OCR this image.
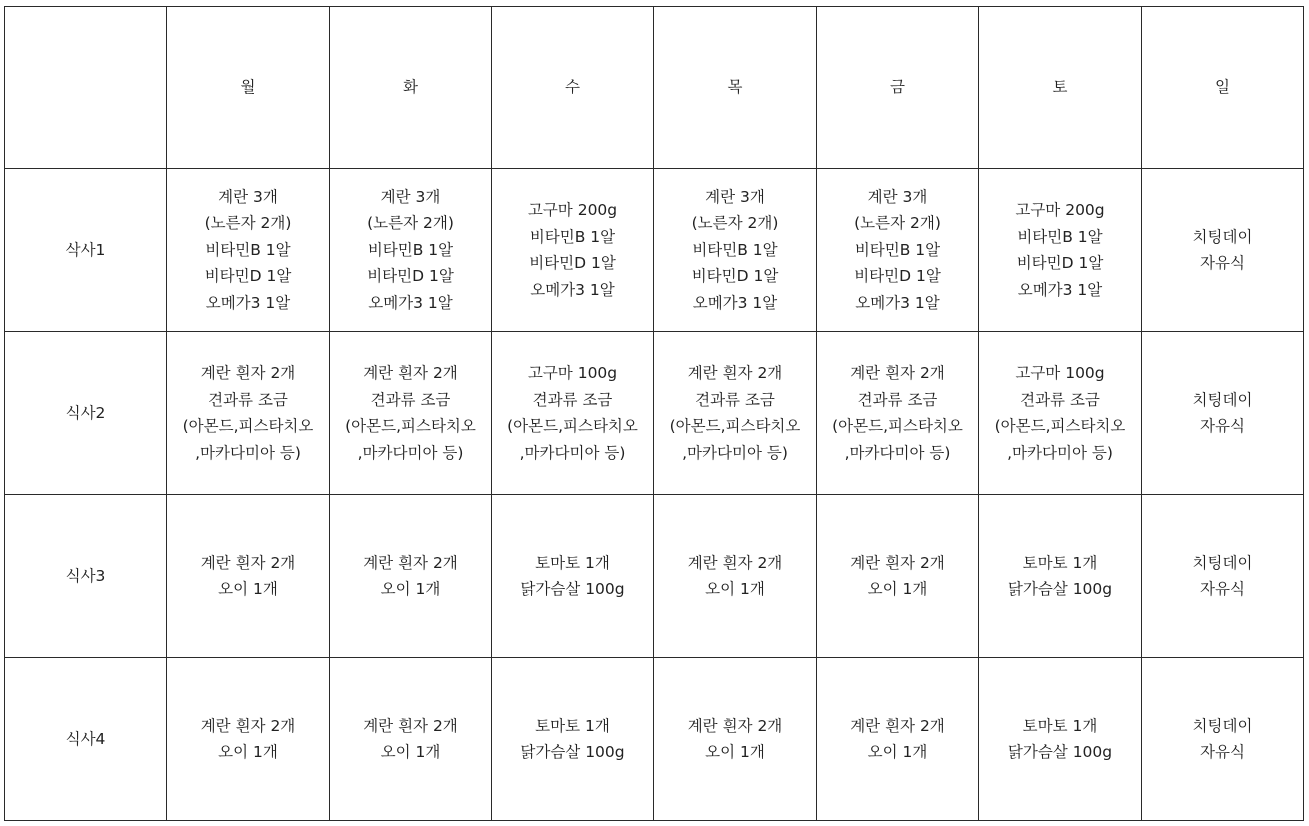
	월	화	수	목	금	토	일
삭사1	계란 3개
(노른자 2개)
비타민B 1알
비타민D 1알
오메가3 1알	계란 3개
(노른자 2개)
비타민B 1알
비타민D 1알
오메가3 1알	고구마 200g
비타민B 1알
비타민D 1알
오메가3 1알	계란 3개
(노른자 2개)
비타민B 1알
비타민D 1알
오메가3 1알	계란 3개
(노른자 2개)
비타민B 1알
비타민D 1알
오메가3 1알	고구마 200g
비타민B 1알
비타민D 1알
오메가3 1알	치팅데이
자유식

식사2	계란 흰자 2개
견과류 조금
(아몬드,피스타치오
,마카다미아 등)	계란 흰자 2개
견과류 조금
(아몬드,피스타치오
,마카다미아 등)	고구마 100g
견과류 조금
(아몬드,피스타치오
,마카다미아 등)	계란 흰자 2개
견과류 조금
(아몬드,피스타치오
,마카다미아 등)	계란 흰자 2개
견과류 조금
(아몬드,피스타치오
,마카다미아 등)	고구마 100g
견과류 조금
(아몬드,피스타치오
,마카다미아 등)	치팅데이
자유식

식사3	계란 흰자 2개
오이 1개	계란 흰자 2개
오이 1개	토마토 1개
닭가슴살 100g	계란 흰자 2개
오이 1개	계란 흰자 2개
오이 1개	토마토 1개
닭가슴살 100g	치팅데이
자유식

식사4	계란 흰자 2개
오이 1개	계란 흰자 2개
오이 1개	토마토 1개
닭가슴살 100g	계란 흰자 2개
오이 1개	계란 흰자 2개
오이 1개	토마토 1개
닭가슴살 100g	치팅데이
자유식
